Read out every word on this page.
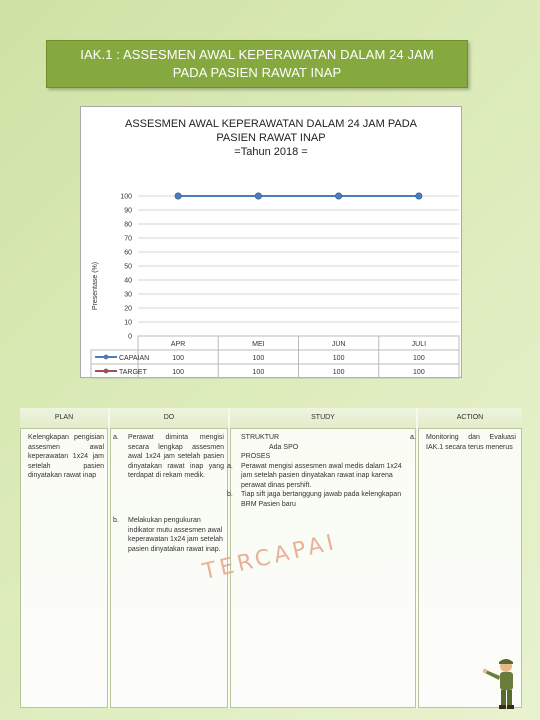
IAK.1 : ASSESMEN AWAL KEPERAWATAN DALAM 24 JAM
PADA PASIEN RAWAT INAP
ASSESMEN AWAL KEPERAWATAN DALAM 24 JAM PADA
PASIEN RAWAT INAP
=Tahun 2018 =
0
10
20
30
40
50
60
70
80
90
100
Presentase (%)
APR	MEI	JUN	JULI
CAPAIAN	100	100	100	100
TARGET	100	100	100	100
PLAN	DO	STUDY	ACTION
Kelengkapan pengisian assesmen awal keperawatan 1x24 jam setelah pasien dinyatakan rawat inap
a. Perawat diminta mengisi secara lengkap assesmen awal 1x24 jam setelah pasien dinyatakan rawat inap yang terdapat di rekam medik.
b. Melakukan pengukuran indikator mutu assesmen awal keperawatan 1x24 jam setelah pasien dinyatakan rawat inap.
STRUKTUR
Ada SPO
PROSES
a.	Perawat mengisi assesmen awal medis dalam 1x24 jam setelah pasien dinyatakan rawat inap karena perawat dinas pershift.
b.	Tiap sift jaga bertanggung jawab pada kelengkapan BRM Pasien baru
a. Monitoring dan Evaluasi IAK.1 secara terus menerus
TERCAPAI
